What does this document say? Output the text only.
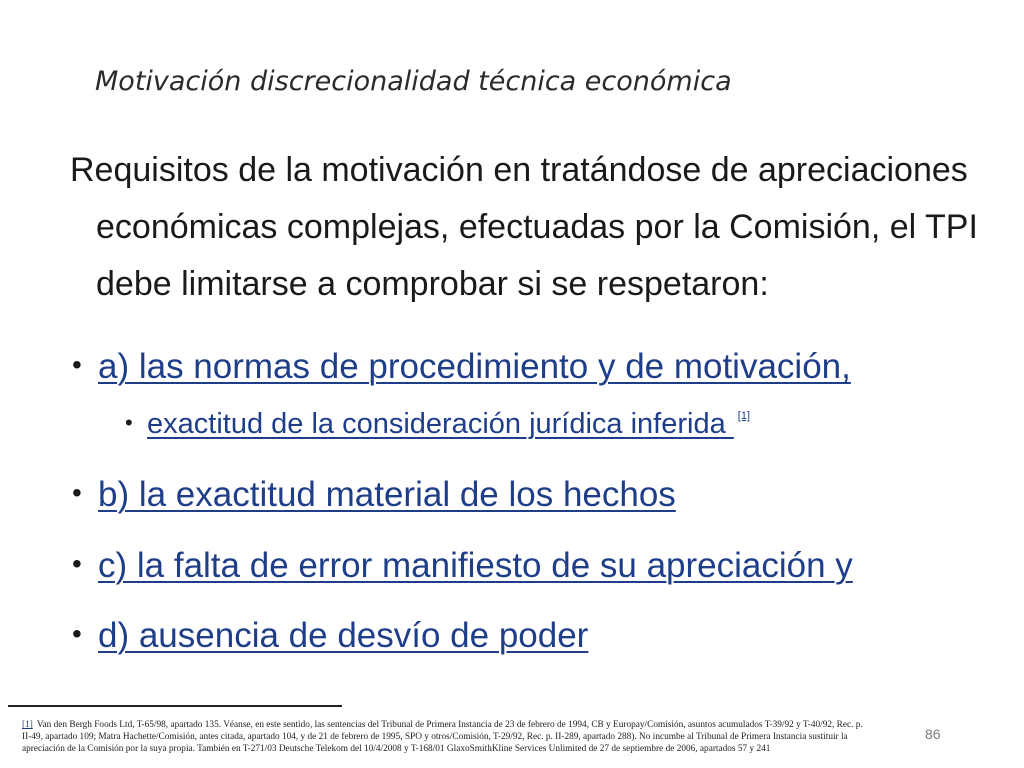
Motivación discrecionalidad técnica económica
Requisitos de la motivación en tratándose de apreciaciones
económicas complejas, efectuadas por la Comisión, el TPI
debe limitarse a comprobar si se respetaron:
• a) las normas de procedimiento y de motivación,
• exactitud de la consideración jurídica inferida [1]
• b) la exactitud material de los hechos
• c) la falta de error manifiesto de su apreciación y
• d) ausencia de desvío de poder
[1] Van den Bergh Foods Ltd, T-65/98, apartado 135. Véanse, en este sentido, las sentencias del Tribunal de Primera Instancia de 23 de febrero de 1994, CB y Europay/Comisión, asuntos acumulados T-39/92 y T-40/92, Rec. p.
II-49, apartado 109; Matra Hachette/Comisión, antes citada, apartado 104, y de 21 de febrero de 1995, SPO y otros/Comisión, T-29/92, Rec. p. II-289, apartado 288). No incumbe al Tribunal de Primera Instancia sustituir la
apreciación de la Comisión por la suya propia. También en T-271/03 Deutsche Telekom del 10/4/2008 y T-168/01 GlaxoSmithKline Services Unlimited de 27 de septiembre de 2006, apartados 57 y 241
86
